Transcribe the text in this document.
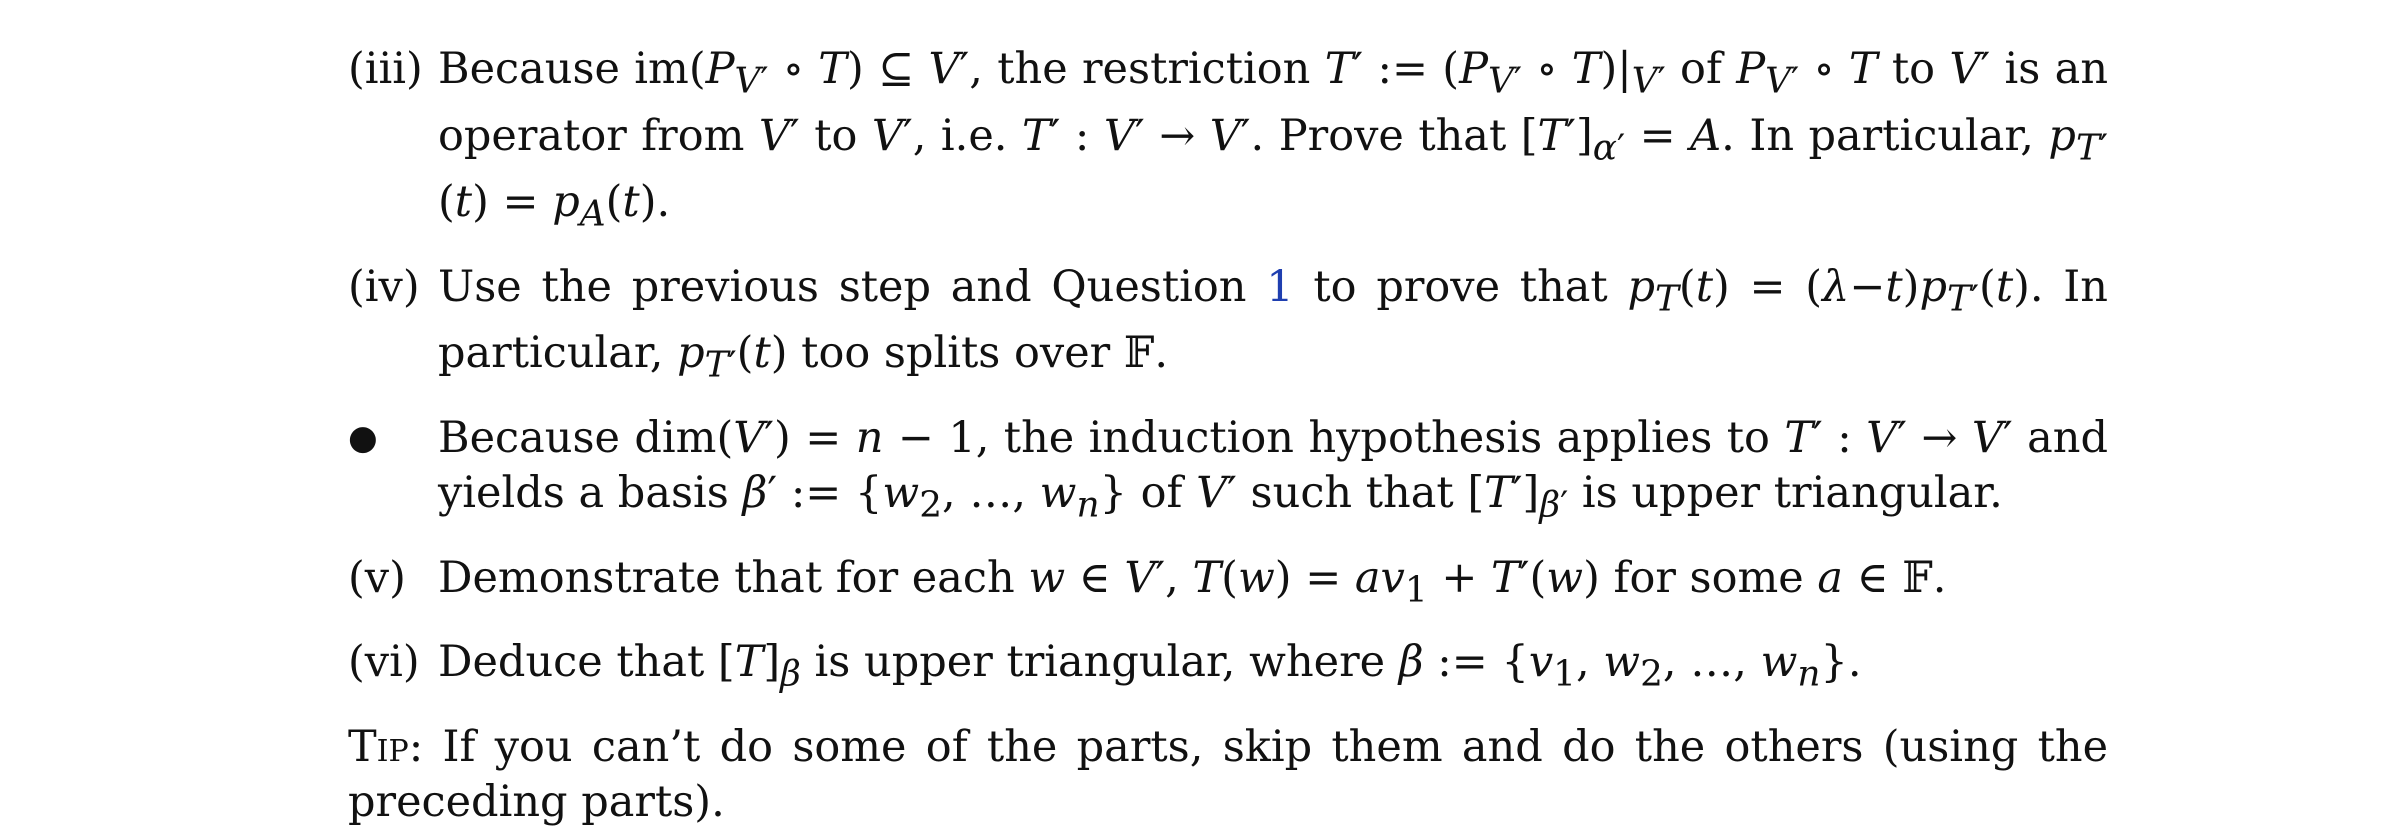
(iii) Because $im(P_{V'}$ ∘ T) ⊆ V′, the restriction T′ := ($P_{V'}$ ∘ $T)|_{V'}$ of $P_{V'}$ ∘ T to V′ is an operator from V′ to V′, i.e. T′ : V′ → V′. Prove that $[T']_{\alpha'} = A$. In particular, $p_{T'}(t) = p_A(t)$.
(iv) Use the previous step and Question 1 to prove that $p_T(t) = (\lambda-t)p_{T'}(t)$. In particular, $p_{T'}(t)$ too splits over 𝔽.
●	Because dim(V′) = n − 1, the induction hypothesis applies to T′ : V′ → V′ and yields a basis β′ := {$w_2$, …, $w_n$} of V′ such that $[T']_{\beta'}$ is upper triangular.
(v) Demonstrate that for each w ∈ V′, $T(w) = av_1 + T'(w)$ for some a ∈ 𝔽.
(vi) Deduce that $[T]_\beta$ is upper triangular, where β := {$v_1$, $w_2$, …, $w_n$}.
Tip: If you can’t do some of the parts, skip them and do the others (using the preceding parts).
